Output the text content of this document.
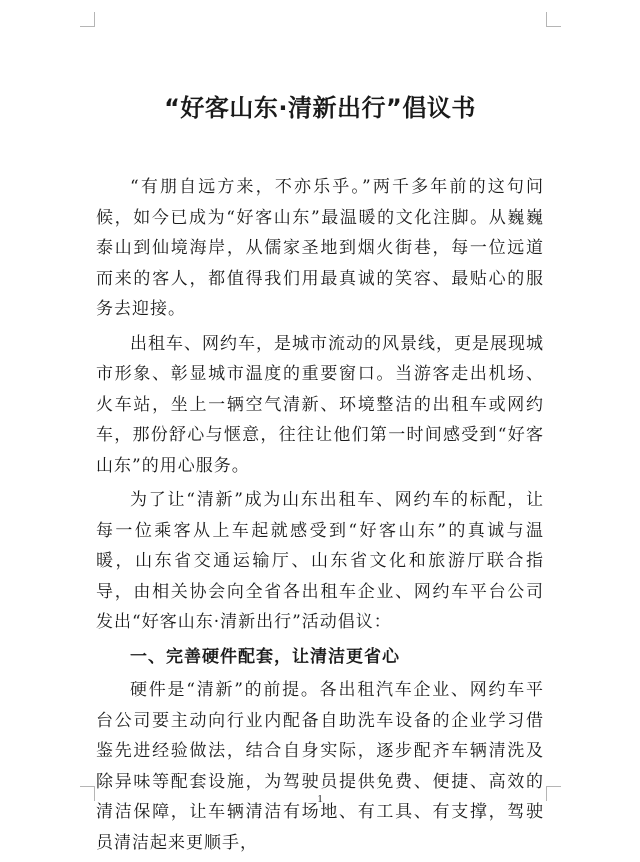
“好客山东·清新出行”倡议书

“有朋自远方来，不亦乐乎。”两千多年前的这句问候，如今已成为“好客山东”最温暖的文化注脚。从巍巍泰山到仙境海岸，从儒家圣地到烟火街巷，每一位远道而来的客人，都值得我们用最真诚的笑容、最贴心的服务去迎接。

出租车、网约车，是城市流动的风景线，更是展现城市形象、彰显城市温度的重要窗口。当游客走出机场、火车站，坐上一辆空气清新、环境整洁的出租车或网约车，那份舒心与惬意，往往让他们第一时间感受到“好客山东”的用心服务。

为了让“清新”成为山东出租车、网约车的标配，让每一位乘客从上车起就感受到“好客山东”的真诚与温暖，山东省交通运输厅、山东省文化和旅游厅联合指导，由相关协会向全省各出租车企业、网约车平台公司发出“好客山东·清新出行”活动倡议：

一、完善硬件配套，让清洁更省心

硬件是“清新”的前提。各出租汽车企业、网约车平台公司要主动向行业内配备自助洗车设备的企业学习借鉴先进经验做法，结合自身实际，逐步配齐车辆清洗及除异味等配套设施，为驾驶员提供免费、便捷、高效的清洁保障，让车辆清洁有场地、有工具、有支撑，驾驶员清洁起来更顺手，

1
